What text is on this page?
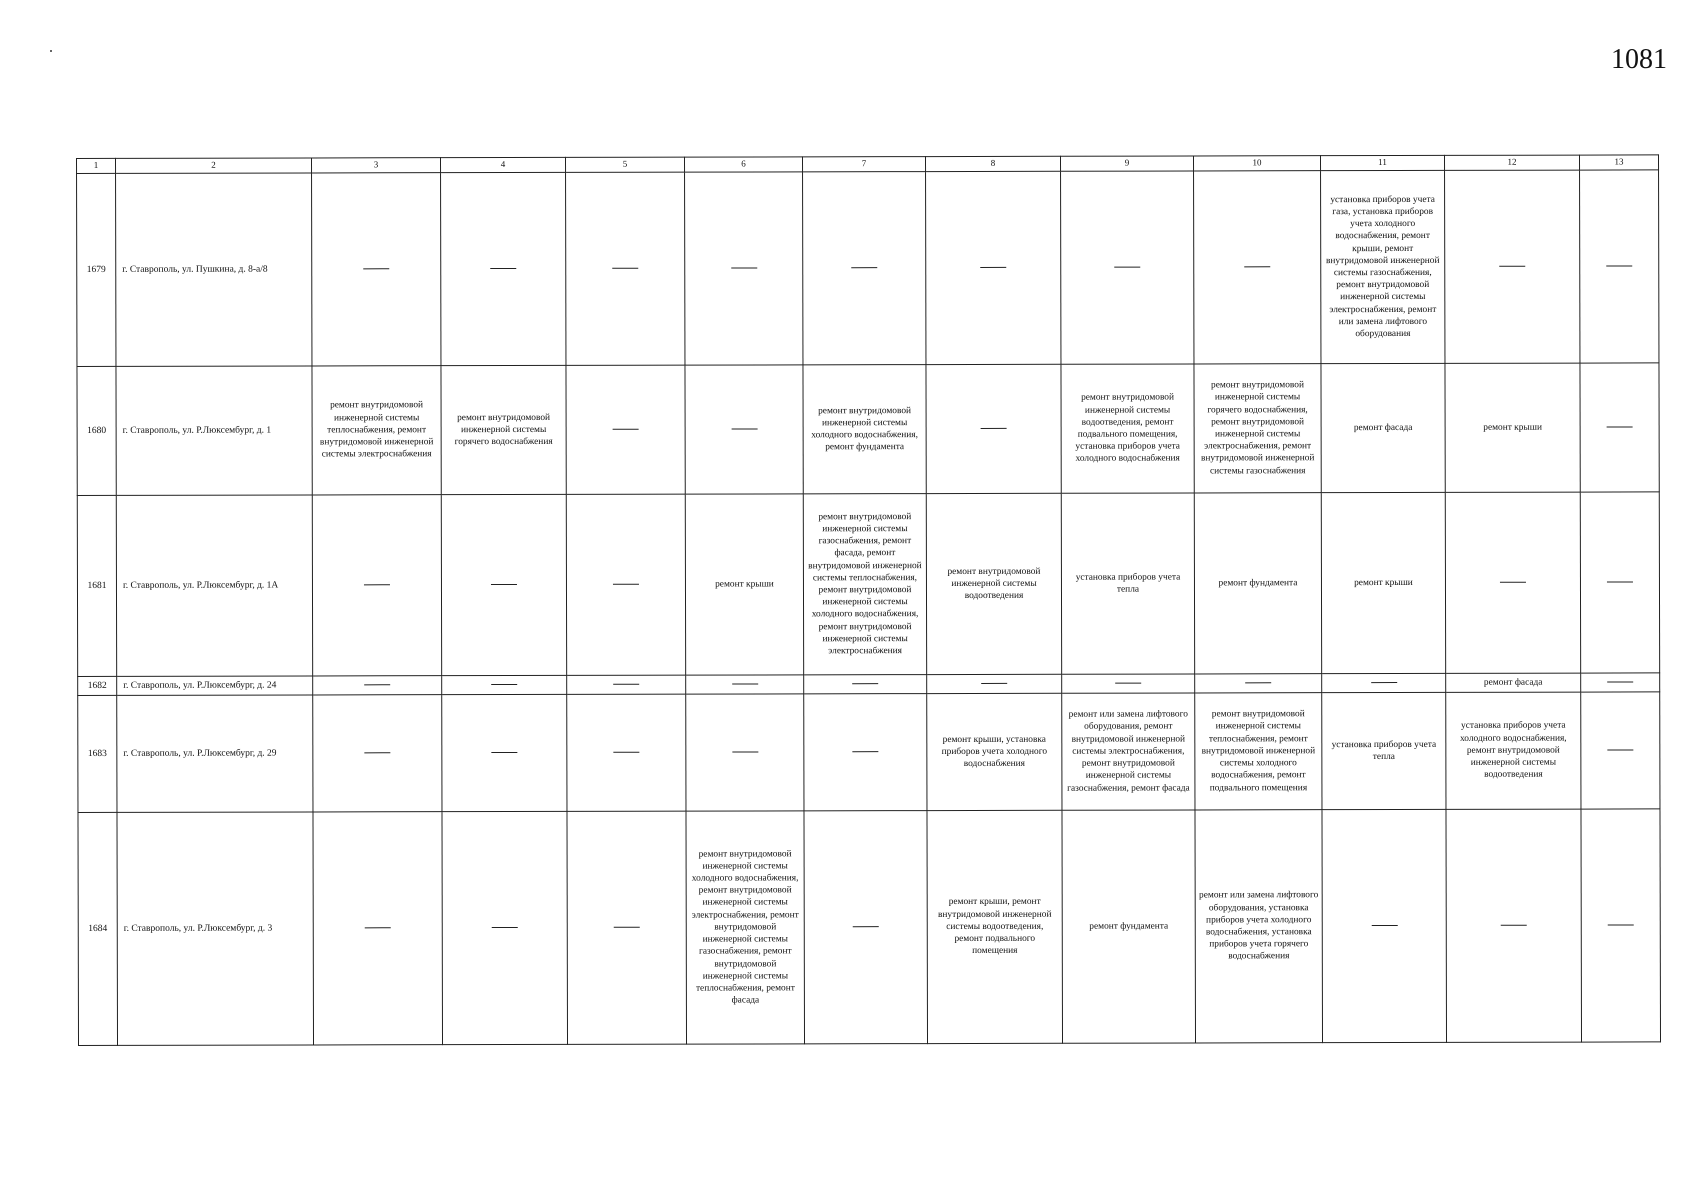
1081
1	2	3	4	5	6	7	8	9	10	11	12	13
1679	г. Ставрополь, ул. Пушкина, д. 8-а/8									установка приборов учета газа, установка приборов учета холодного водоснабжения, ремонт крыши, ремонт внутридомовой инженерной системы газоснабжения, ремонт внутридомовой инженерной системы электроснабжения, ремонт или замена лифтового оборудования		
1680	г. Ставрополь, ул. Р.Люксембург, д. 1	ремонт внутридомовой инженерной системы теплоснабжения, ремонт внутридомовой инженерной системы электроснабжения	ремонт внутридомовой инженерной системы горячего водоснабжения			ремонт внутридомовой инженерной системы холодного водоснабжения, ремонт фундамента		ремонт внутридомовой инженерной системы водоотведения, ремонт подвального помещения, установка приборов учета холодного водоснабжения	ремонт внутридомовой инженерной системы горячего водоснабжения, ремонт внутридомовой инженерной системы электроснабжения, ремонт внутридомовой инженерной системы газоснабжения	ремонт фасада	ремонт крыши	
1681	г. Ставрополь, ул. Р.Люксембург, д. 1А				ремонт крыши	ремонт внутридомовой инженерной системы газоснабжения, ремонт фасада, ремонт внутридомовой инженерной системы теплоснабжения, ремонт внутридомовой инженерной системы холодного водоснабжения, ремонт внутридомовой инженерной системы электроснабжения	ремонт внутридомовой инженерной системы водоотведения	установка приборов учета тепла	ремонт фундамента	ремонт крыши		
1682	г. Ставрополь, ул. Р.Люксембург, д. 24										ремонт фасада	
1683	г. Ставрополь, ул. Р.Люксембург, д. 29						ремонт крыши, установка приборов учета холодного водоснабжения	ремонт или замена лифтового оборудования, ремонт внутридомовой инженерной системы электроснабжения, ремонт внутридомовой инженерной системы газоснабжения, ремонт фасада	ремонт внутридомовой инженерной системы теплоснабжения, ремонт внутридомовой инженерной системы холодного водоснабжения, ремонт подвального помещения	установка приборов учета тепла	установка приборов учета холодного водоснабжения, ремонт внутридомовой инженерной системы водоотведения	
1684	г. Ставрополь, ул. Р.Люксембург, д. 3				ремонт внутридомовой инженерной системы холодного водоснабжения, ремонт внутридомовой инженерной системы электроснабжения, ремонт внутридомовой инженерной системы газоснабжения, ремонт внутридомовой инженерной системы теплоснабжения, ремонт фасада		ремонт крыши, ремонт внутридомовой инженерной системы водоотведения, ремонт подвального помещения	ремонт фундамента	ремонт или замена лифтового оборудования, установка приборов учета холодного водоснабжения, установка приборов учета горячего водоснабжения			
